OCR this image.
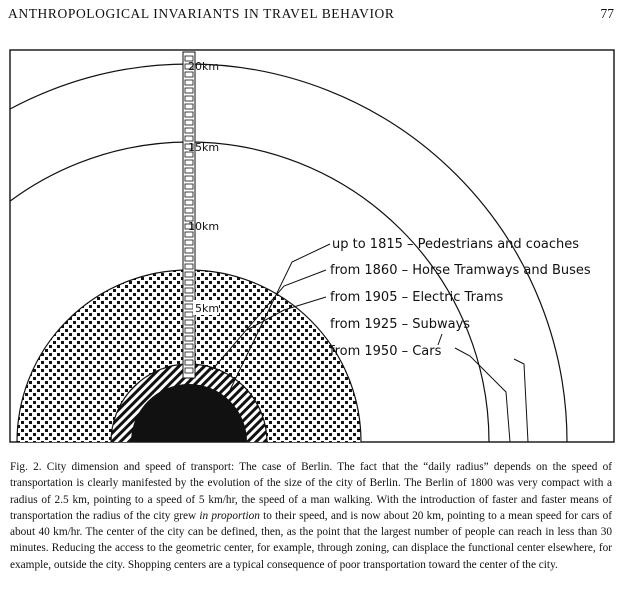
ANTHROPOLOGICAL INVARIANTS IN TRAVEL BEHAVIOR	77
20km
15km
10km
5km
up to 1815 – Pedestrians and coaches
from 1860 – Horse Tramways and Buses
from 1905 – Electric Trams
from 1925 – Subways
from 1950 – Cars
Fig. 2. City dimension and speed of transport: The case of Berlin. The fact that the “daily radius” depends on the speed of transportation is clearly manifested by the evolution of the size of the city of Berlin. The Berlin of 1800 was very compact with a radius of 2.5 km, pointing to a speed of 5 km/hr, the speed of a man walking. With the introduction of faster and faster means of transportation the radius of the city grew in proportion to their speed, and is now about 20 km, pointing to a mean speed for cars of about 40 km/hr. The center of the city can be defined, then, as the point that the largest number of people can reach in less than 30 minutes. Reducing the access to the geometric center, for example, through zoning, can displace the functional center elsewhere, for example, outside the city. Shopping centers are a typical consequence of poor transportation toward the center of the city.
